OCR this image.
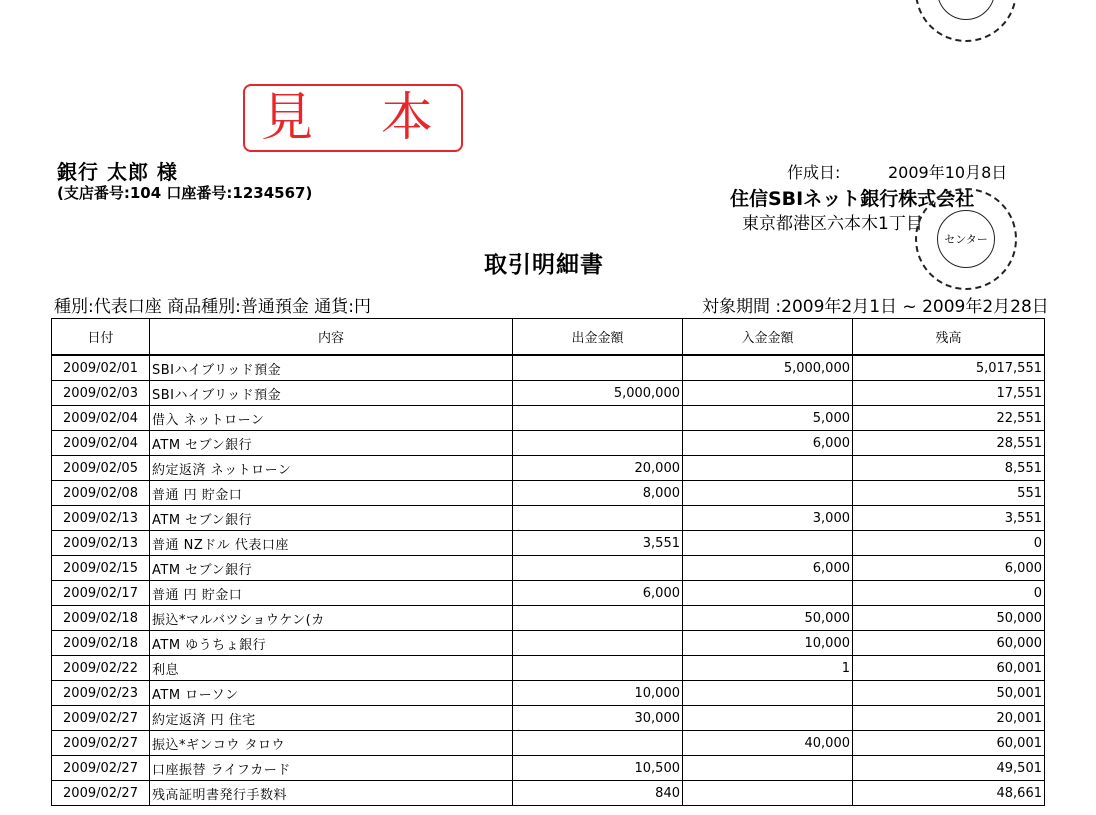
見 本
銀行 太郎 様
(支店番号:104 口座番号:1234567)
作成日:	2009年10月8日
住信SBIネット銀行株式会社
東京都港区六本木1丁目
センター
取引明細書
種別:代表口座 商品種別:普通預金 通貨:円	対象期間 :2009年2月1日 ~ 2009年2月28日
日付	内容	出金金額	入金金額	残高
2009/02/01	SBIハイブリッド預金		5,000,000	5,017,551
2009/02/03	SBIハイブリッド預金	5,000,000		17,551
2009/02/04	借入 ネットローン		5,000	22,551
2009/02/04	ATM セブン銀行		6,000	28,551
2009/02/05	約定返済 ネットローン	20,000		8,551
2009/02/08	普通 円 貯金口	8,000		551
2009/02/13	ATM セブン銀行		3,000	3,551
2009/02/13	普通 NZドル 代表口座	3,551		0
2009/02/15	ATM セブン銀行		6,000	6,000
2009/02/17	普通 円 貯金口	6,000		0
2009/02/18	振込*マルバツショウケン(カ		50,000	50,000
2009/02/18	ATM ゆうちょ銀行		10,000	60,000
2009/02/22	利息		1	60,001
2009/02/23	ATM ローソン	10,000		50,001
2009/02/27	約定返済 円 住宅	30,000		20,001
2009/02/27	振込*ギンコウ タロウ		40,000	60,001
2009/02/27	口座振替 ライフカード	10,500		49,501
2009/02/27	残高証明書発行手数料	840		48,661
